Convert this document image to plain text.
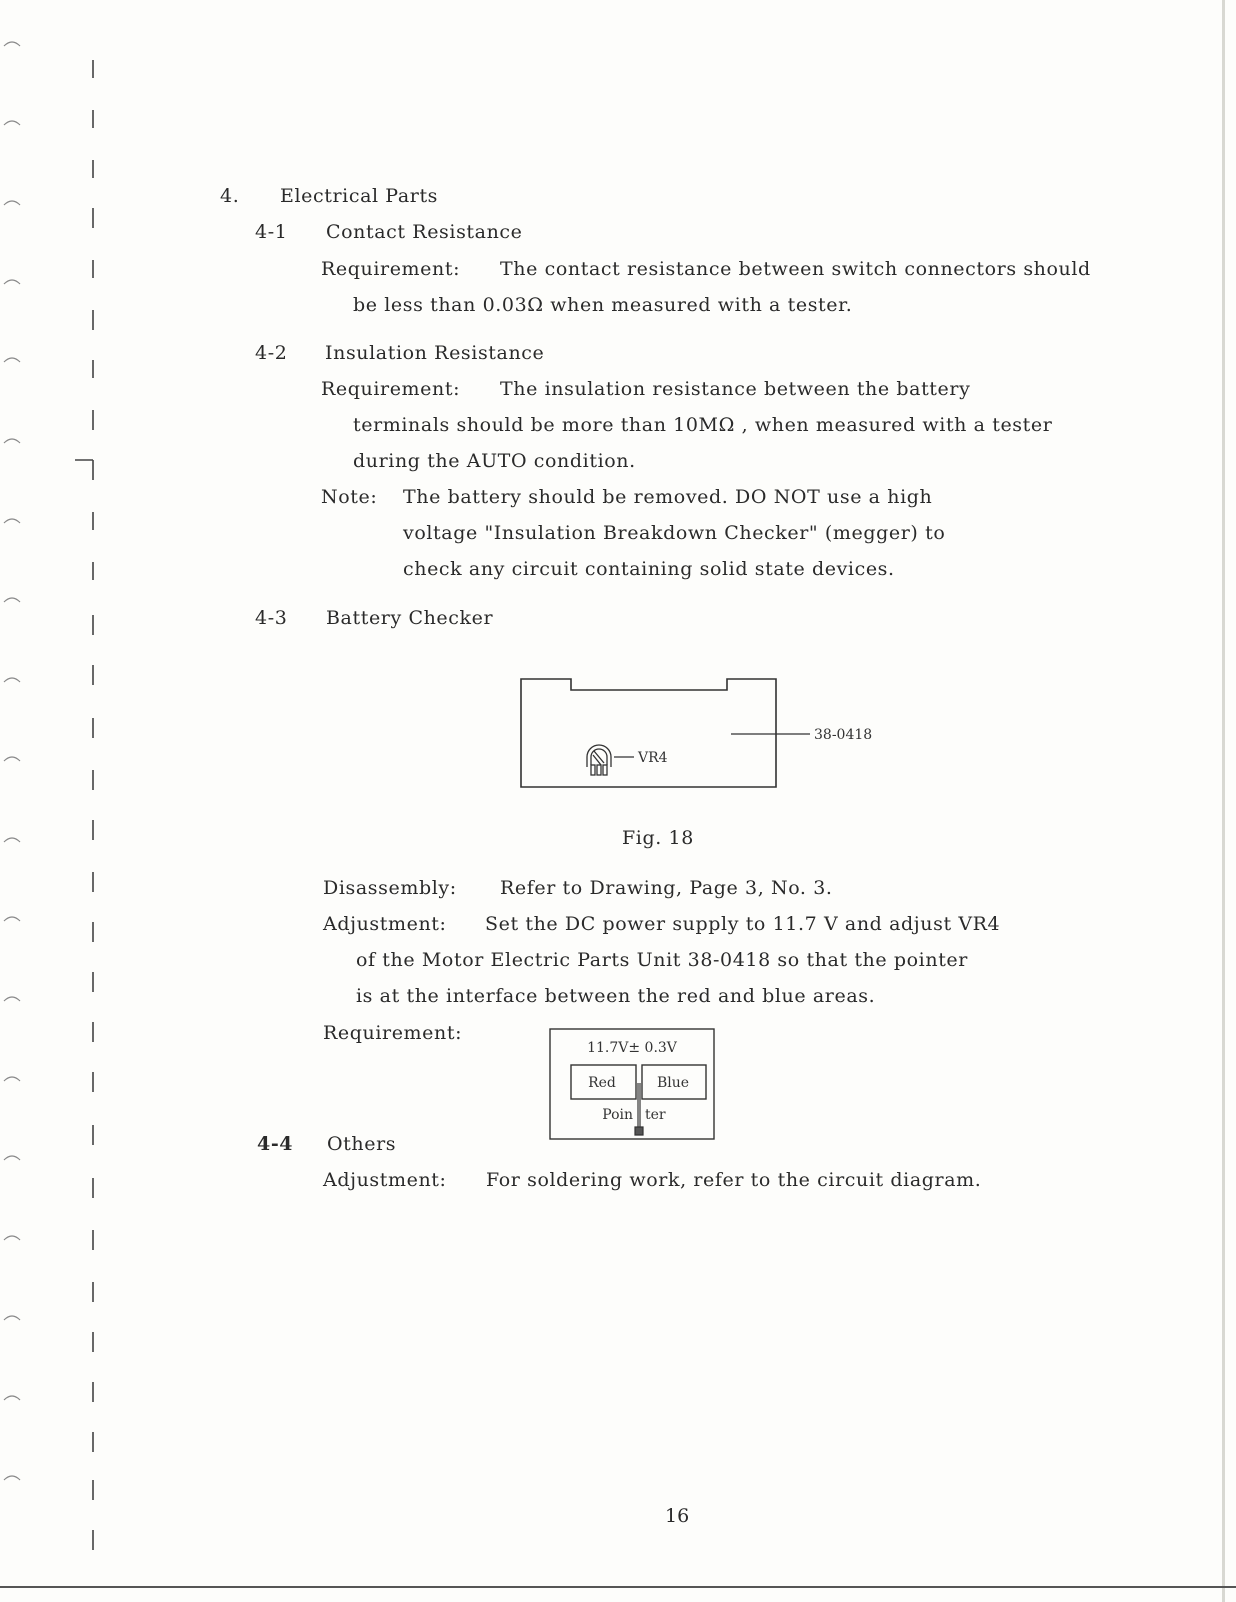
4. Electrical Parts
4-1 Contact Resistance
Requirement: The contact resistance between switch connectors should
be less than 0.03Ω when measured with a tester.
4-2 Insulation Resistance
Requirement: The insulation resistance between the battery
terminals should be more than 10MΩ , when measured with a tester
during the AUTO condition.
Note: The battery should be removed. DO NOT use a high
voltage "Insulation Breakdown Checker" (megger) to
check any circuit containing solid state devices.
4-3 Battery Checker
38-0418
VR4
Fig. 18
Disassembly: Refer to Drawing, Page 3, No. 3.
Adjustment: Set the DC power supply to 11.7 V and adjust VR4
of the Motor Electric Parts Unit 38-0418 so that the pointer
is at the interface between the red and blue areas.
Requirement:
11.7V± 0.3V
Red	Blue
Poin ter
4-4 Others
Adjustment: For soldering work, refer to the circuit diagram.
16
